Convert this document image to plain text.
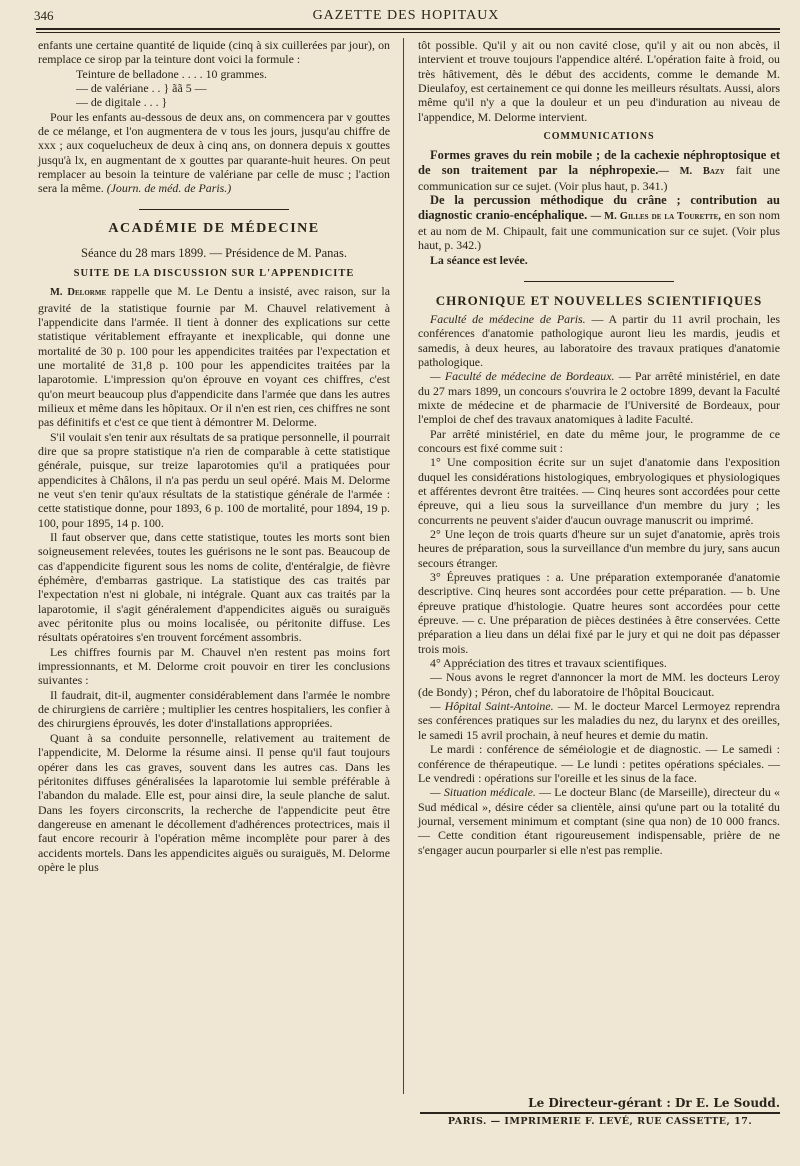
346	GAZETTE DES HOPITAUX

enfants une certaine quantité de liquide (cinq à six cuillerées par jour), on remplace ce sirop par la teinture dont voici la formule :

Teinture de belladone . . . . 10 grammes.
— de valériane . . } ãã 5 —
— de digitale . . . }

Pour les enfants au-dessous de deux ans, on commencera par v gouttes de ce mélange, et l'on augmentera de v tous les jours, jusqu'au chiffre de xxx ; aux coquelucheux de deux à cinq ans, on donnera depuis x gouttes jusqu'à lx, en augmentant de x gouttes par quarante-huit heures. On peut remplacer au besoin la teinture de valériane par celle de musc ; l'action sera la même. (Journ. de méd. de Paris.)

ACADÉMIE DE MÉDECINE
Séance du 28 mars 1899. — Présidence de M. Panas.
SUITE DE LA DISCUSSION SUR L'APPENDICITE

M. Delorme rappelle que M. Le Dentu a insisté, avec raison, sur la gravité de la statistique fournie par M. Chauvel relativement à l'appendicite dans l'armée. Il tient à donner des explications sur cette statistique véritablement effrayante et inexplicable, qui donne une mortalité de 30 p. 100 pour les appendicites traitées par l'expectation et une mortalité de 31,8 p. 100 pour les appendicites traitées par la laparotomie. L'impression qu'on éprouve en voyant ces chiffres, c'est qu'on meurt beaucoup plus d'appendicite dans l'armée que dans les autres milieux et même dans les hôpitaux. Or il n'en est rien, ces chiffres ne sont pas définitifs et c'est ce que tient à démontrer M. Delorme.

S'il voulait s'en tenir aux résultats de sa pratique personnelle, il pourrait dire que sa propre statistique n'a rien de comparable à cette statistique générale, puisque, sur treize laparotomies qu'il a pratiquées pour appendicites à Châlons, il n'a pas perdu un seul opéré. Mais M. Delorme ne veut s'en tenir qu'aux résultats de la statistique générale de l'armée : cette statistique donne, pour 1893, 6 p. 100 de mortalité, pour 1894, 19 p. 100, pour 1895, 14 p. 100.

Il faut observer que, dans cette statistique, toutes les morts sont bien soigneusement relevées, toutes les guérisons ne le sont pas. Beaucoup de cas d'appendicite figurent sous les noms de colite, d'entéralgie, de fièvre éphémère, d'embarras gastrique. La statistique des cas traités par l'expectation n'est ni globale, ni intégrale. Quant aux cas traités par la laparotomie, il s'agit généralement d'appendicites aiguës ou suraiguës avec péritonite plus ou moins localisée, ou péritonite diffuse. Les résultats opératoires s'en trouvent forcément assombris.

Les chiffres fournis par M. Chauvel n'en restent pas moins fort impressionnants, et M. Delorme croit pouvoir en tirer les conclusions suivantes :

Il faudrait, dit-il, augmenter considérablement dans l'armée le nombre de chirurgiens de carrière ; multiplier les centres hospitaliers, les confier à des chirurgiens éprouvés, les doter d'installations appropriées.

Quant à sa conduite personnelle, relativement au traitement de l'appendicite, M. Delorme la résume ainsi. Il pense qu'il faut toujours opérer dans les cas graves, souvent dans les autres cas. Dans les péritonites diffuses généralisées la laparotomie lui semble préférable à l'abandon du malade. Elle est, pour ainsi dire, la seule planche de salut. Dans les foyers circonscrits, la recherche de l'appendicite peut être dangereuse en amenant le décollement d'adhérences protectrices, mais il faut encore recourir à l'opération même incomplète pour parer à des accidents mortels. Dans les appendicites aiguës ou suraiguës, M. Delorme opère le plus

tôt possible. Qu'il y ait ou non cavité close, qu'il y ait ou non abcès, il intervient et trouve toujours l'appendice altéré. L'opération faite à froid, ou très hâtivement, dès le début des accidents, comme le demande M. Dieulafoy, est certainement ce qui donne les meilleurs résultats. Aussi, alors même qu'il n'y a que la douleur et un peu d'induration au niveau de l'appendice, M. Delorme intervient.

COMMUNICATIONS

Formes graves du rein mobile ; de la cachexie néphroptosique et de son traitement par la néphropexie.— M. Bazy fait une communication sur ce sujet. (Voir plus haut, p. 341.)

De la percussion méthodique du crâne ; contribution au diagnostic cranio-encéphalique. — M. Gilles de la Tourette, en son nom et au nom de M. Chipault, fait une communication sur ce sujet. (Voir plus haut, p. 342.)

La séance est levée.

CHRONIQUE ET NOUVELLES SCIENTIFIQUES

Faculté de médecine de Paris. — A partir du 11 avril prochain, les conférences d'anatomie pathologique auront lieu les mardis, jeudis et samedis, à deux heures, au laboratoire des travaux pratiques d'anatomie pathologique.

— Faculté de médecine de Bordeaux. — Par arrêté ministériel, en date du 27 mars 1899, un concours s'ouvrira le 2 octobre 1899, devant la Faculté mixte de médecine et de pharmacie de l'Université de Bordeaux, pour l'emploi de chef des travaux anatomiques à ladite Faculté.

Par arrêté ministériel, en date du même jour, le programme de ce concours est fixé comme suit :

1° Une composition écrite sur un sujet d'anatomie dans l'exposition duquel les considérations histologiques, embryologiques et physiologiques et afférentes devront être traitées. — Cinq heures sont accordées pour cette épreuve, qui a lieu sous la surveillance d'un membre du jury ; les concurrents ne peuvent s'aider d'aucun ouvrage manuscrit ou imprimé.

2° Une leçon de trois quarts d'heure sur un sujet d'anatomie, après trois heures de préparation, sous la surveillance d'un membre du jury, sans aucun secours étranger.

3° Épreuves pratiques : a. Une préparation extemporanée d'anatomie descriptive. Cinq heures sont accordées pour cette préparation. — b. Une épreuve pratique d'histologie. Quatre heures sont accordées pour cette épreuve. — c. Une préparation de pièces destinées à être conservées. Cette préparation a lieu dans un délai fixé par le jury et qui ne doit pas dépasser trois mois.

4° Appréciation des titres et travaux scientifiques.

— Nous avons le regret d'annoncer la mort de MM. les docteurs Leroy (de Bondy) ; Péron, chef du laboratoire de l'hôpital Boucicaut.

— Hôpital Saint-Antoine. — M. le docteur Marcel Lermoyez reprendra ses conférences pratiques sur les maladies du nez, du larynx et des oreilles, le samedi 15 avril prochain, à neuf heures et demie du matin.

Le mardi : conférence de séméiologie et de diagnostic. — Le samedi : conférence de thérapeutique. — Le lundi : petites opérations spéciales. — Le vendredi : opérations sur l'oreille et les sinus de la face.

— Situation médicale. — Le docteur Blanc (de Marseille), directeur du « Sud médical », désire céder sa clientèle, ainsi qu'une part ou la totalité du journal, versement minimum et comptant (sine qua non) de 10 000 francs. — Cette condition étant rigoureusement indispensable, prière de ne s'engager aucun pourparler si elle n'est pas remplie.

Le Directeur-gérant : Dr E. Le Soudd.
PARIS. — IMPRIMERIE F. LEVÉ, RUE CASSETTE, 17.
